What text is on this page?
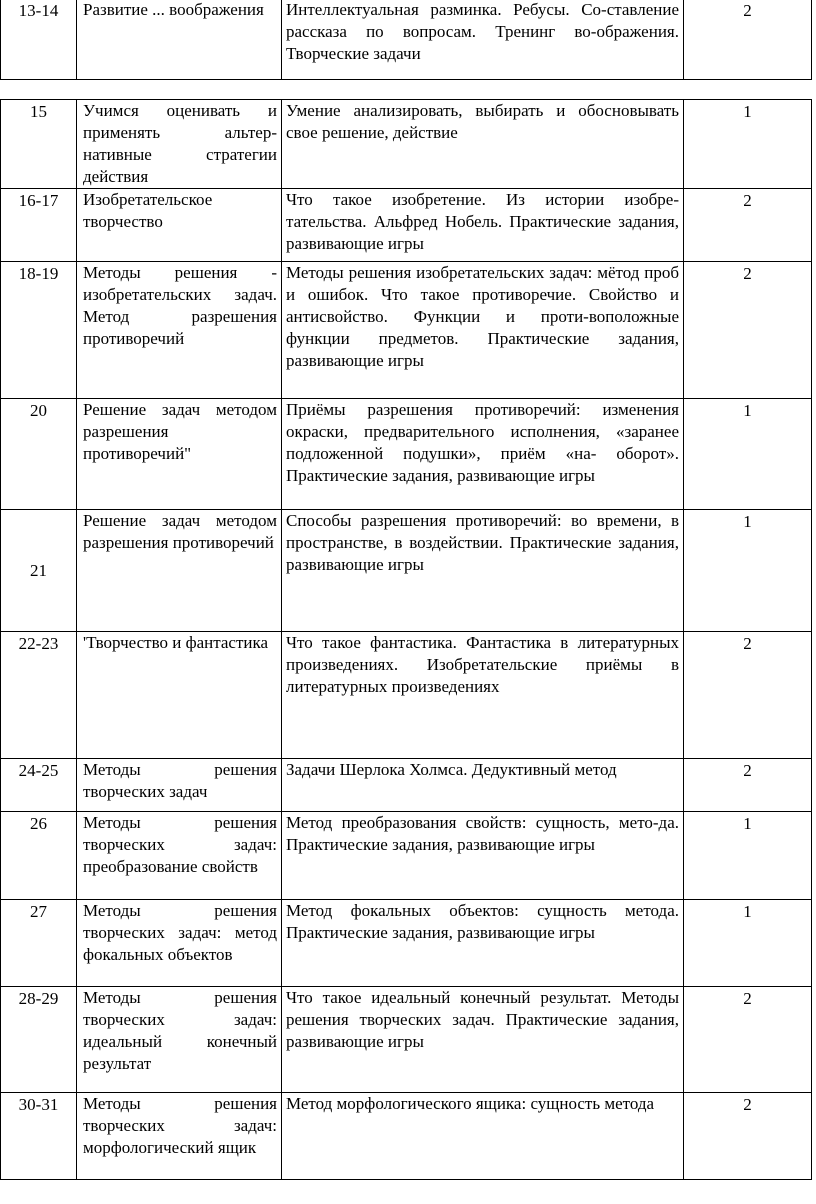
13-14	Развитие ... воображения	Интеллектуальная разминка. Ребусы. Со-ставление рассказа по вопросам. Тренинг во-ображения. Творческие задачи	2
15	Учимся оценивать и применять альтер-нативные стратегии действия	Умение анализировать, выбирать и обосновывать свое решение, действие	1
16-17	Изобретательское творчество	Что такое изобретение. Из истории изобре-тательства. Альфред Нобель. Практические задания, развивающие игры	2
18-19	Методы решения - изобретательских задач. Метод разрешения противоречий	Методы решения изобретательских задач: мётод проб и ошибок. Что такое противоречие. Свойство и антисвойство. Функции и проти-воположные функции предметов. Практические задания, развивающие игры	2
20	Решение задач методом разрешения противоречий"	Приёмы разрешения противоречий: изменения окраски, предварительного исполнения, «заранее подложенной подушки», приём «на- оборот». Практические задания, развивающие игры	1
21	Решение задач методом разрешения противоречий	Способы разрешения противоречий: во времени, в пространстве, в воздействии. Практические задания, развивающие игры	1
22-23	'Творчество и фантастика	Что такое фантастика. Фантастика в литературных произведениях. Изобретательские приёмы в литературных произведениях	2
24-25	Методы решения творческих задач	Задачи Шерлока Холмса. Дедуктивный метод	2
26	Методы решения творческих задач: преобразование свойств	Метод преобразования свойств: сущность, мето-да. Практические задания, развивающие игры	1
27	Методы решения творческих задач: метод фокальных объектов	Метод фокальных объектов: сущность метода. Практические задания, развивающие игры	1
28-29	Методы решения творческих задач: идеальный конечный результат	Что такое идеальный конечный результат. Методы решения творческих задач. Практические задания, развивающие игры	2
30-31	Методы решения творческих задач: морфологический ящик	Метод морфологического ящика: сущность метода	2
